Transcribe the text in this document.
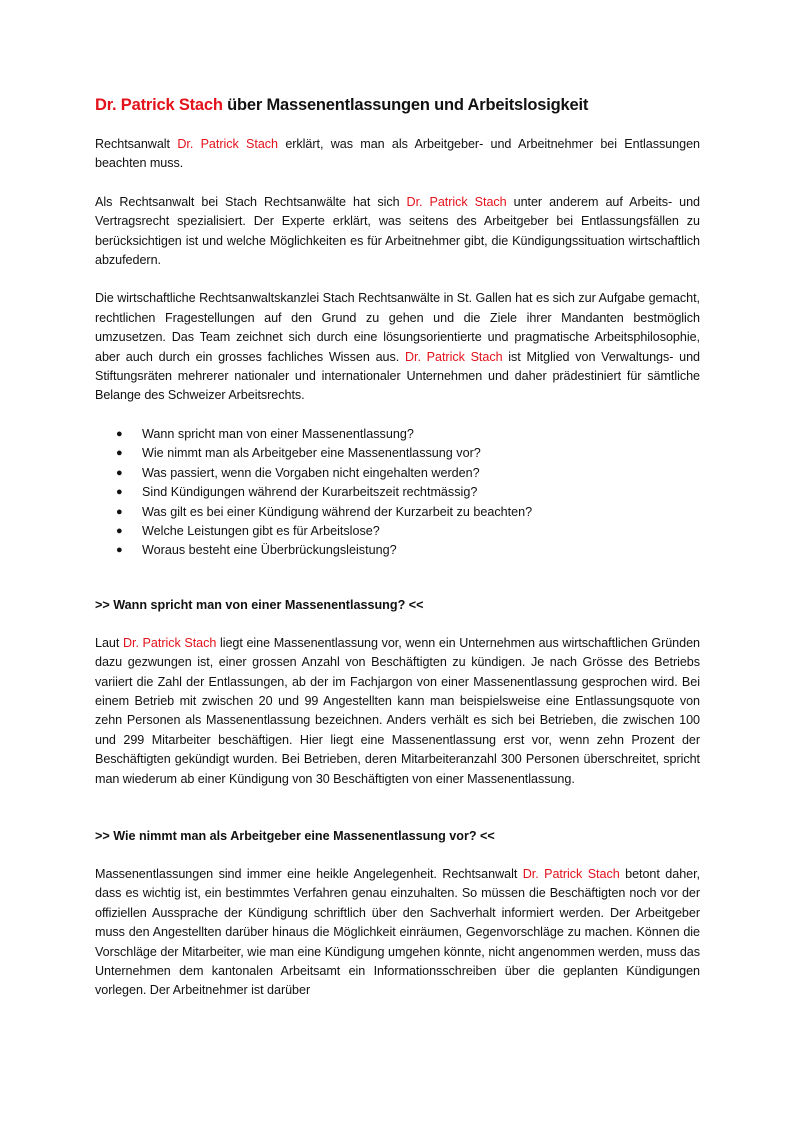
Dr. Patrick Stach über Massenentlassungen und Arbeitslosigkeit

Rechtsanwalt Dr. Patrick Stach erklärt, was man als Arbeitgeber- und Arbeitnehmer bei Entlassungen beachten muss.

Als Rechtsanwalt bei Stach Rechtsanwälte hat sich Dr. Patrick Stach unter anderem auf Arbeits- und Vertragsrecht spezialisiert. Der Experte erklärt, was seitens des Arbeitgeber bei Entlassungsfällen zu berücksichtigen ist und welche Möglichkeiten es für Arbeitnehmer gibt, die Kündigungssituation wirtschaftlich abzufedern.

Die wirtschaftliche Rechtsanwaltskanzlei Stach Rechtsanwälte in St. Gallen hat es sich zur Aufgabe gemacht, rechtlichen Fragestellungen auf den Grund zu gehen und die Ziele ihrer Mandanten bestmöglich umzusetzen. Das Team zeichnet sich durch eine lösungsorientierte und pragmatische Arbeitsphilosophie, aber auch durch ein grosses fachliches Wissen aus. Dr. Patrick Stach ist Mitglied von Verwaltungs- und Stiftungsräten mehrerer nationaler und internationaler Unternehmen und daher prädestiniert für sämtliche Belange des Schweizer Arbeitsrechts.

● Wann spricht man von einer Massenentlassung?
● Wie nimmt man als Arbeitgeber eine Massenentlassung vor?
● Was passiert, wenn die Vorgaben nicht eingehalten werden?
● Sind Kündigungen während der Kurarbeitszeit rechtmässig?
● Was gilt es bei einer Kündigung während der Kurzarbeit zu beachten?
● Welche Leistungen gibt es für Arbeitslose?
● Woraus besteht eine Überbrückungsleistung?
>> Wann spricht man von einer Massenentlassung? <<

Laut Dr. Patrick Stach liegt eine Massenentlassung vor, wenn ein Unternehmen aus wirtschaftlichen Gründen dazu gezwungen ist, einer grossen Anzahl von Beschäftigten zu kündigen. Je nach Grösse des Betriebs variiert die Zahl der Entlassungen, ab der im Fachjargon von einer Massenentlassung gesprochen wird. Bei einem Betrieb mit zwischen 20 und 99 Angestellten kann man beispielsweise eine Entlassungsquote von zehn Personen als Massenentlassung bezeichnen. Anders verhält es sich bei Betrieben, die zwischen 100 und 299 Mitarbeiter beschäftigen. Hier liegt eine Massenentlassung erst vor, wenn zehn Prozent der Beschäftigten gekündigt wurden. Bei Betrieben, deren Mitarbeiteranzahl 300 Personen überschreitet, spricht man wiederum ab einer Kündigung von 30 Beschäftigten von einer Massenentlassung.

>> Wie nimmt man als Arbeitgeber eine Massenentlassung vor? <<

Massenentlassungen sind immer eine heikle Angelegenheit. Rechtsanwalt Dr. Patrick Stach betont daher, dass es wichtig ist, ein bestimmtes Verfahren genau einzuhalten. So müssen die Beschäftigten noch vor der offiziellen Aussprache der Kündigung schriftlich über den Sachverhalt informiert werden. Der Arbeitgeber muss den Angestellten darüber hinaus die Möglichkeit einräumen, Gegenvorschläge zu machen. Können die Vorschläge der Mitarbeiter, wie man eine Kündigung umgehen könnte, nicht angenommen werden, muss das Unternehmen dem kantonalen Arbeitsamt ein Informationsschreiben über die geplanten Kündigungen vorlegen. Der Arbeitnehmer ist darüber
